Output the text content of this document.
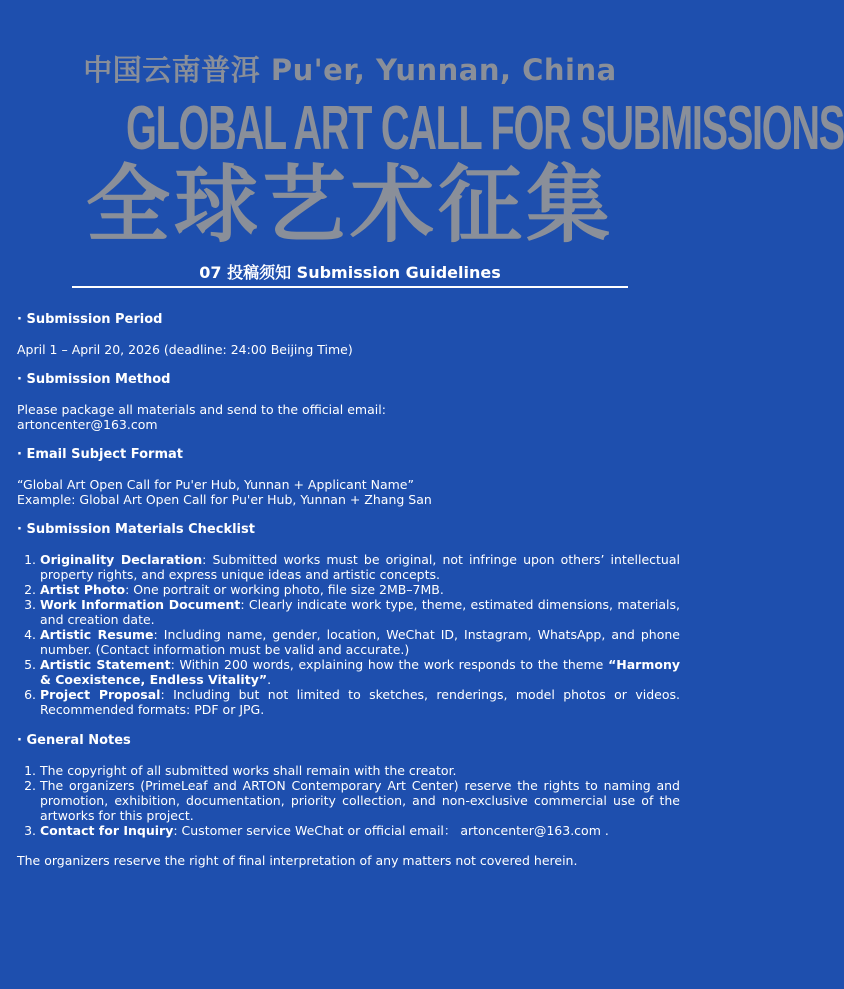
中国云南普洱 Pu'er, Yunnan, China
GLOBAL ART CALL FOR SUBMISSIONS
全球艺术征集
07 投稿须知 Submission Guidelines

· Submission Period

April 1 – April 20, 2026 (deadline: 24:00 Beijing Time)

· Submission Method

Please package all materials and send to the official email:

artoncenter@163.com

· Email Subject Format

“Global Art Open Call for Pu'er Hub, Yunnan + Applicant Name”

Example: Global Art Open Call for Pu'er Hub, Yunnan + Zhang San

· Submission Materials Checklist

1. Originality Declaration: Submitted works must be original, not infringe upon others’ intellectual property rights, and express unique ideas and artistic concepts.
2. Artist Photo: One portrait or working photo, file size 2MB–7MB.
3. Work Information Document: Clearly indicate work type, theme, estimated dimensions, materials, and creation date.
4. Artistic Resume: Including name, gender, location, WeChat ID, Instagram, WhatsApp, and phone number. (Contact information must be valid and accurate.)
5. Artistic Statement: Within 200 words, explaining how the work responds to the theme “Harmony & Coexistence, Endless Vitality”.
6. Project Proposal: Including but not limited to sketches, renderings, model photos or videos. Recommended formats: PDF or JPG.

· General Notes

1. The copyright of all submitted works shall remain with the creator.
2. The organizers (PrimeLeaf and ARTON Contemporary Art Center) reserve the rights to naming and promotion, exhibition, documentation, priority collection, and non-exclusive commercial use of the artworks for this project.
3. Contact for Inquiry: Customer service WeChat or official email： artoncenter@163.com .

The organizers reserve the right of final interpretation of any matters not covered herein.
